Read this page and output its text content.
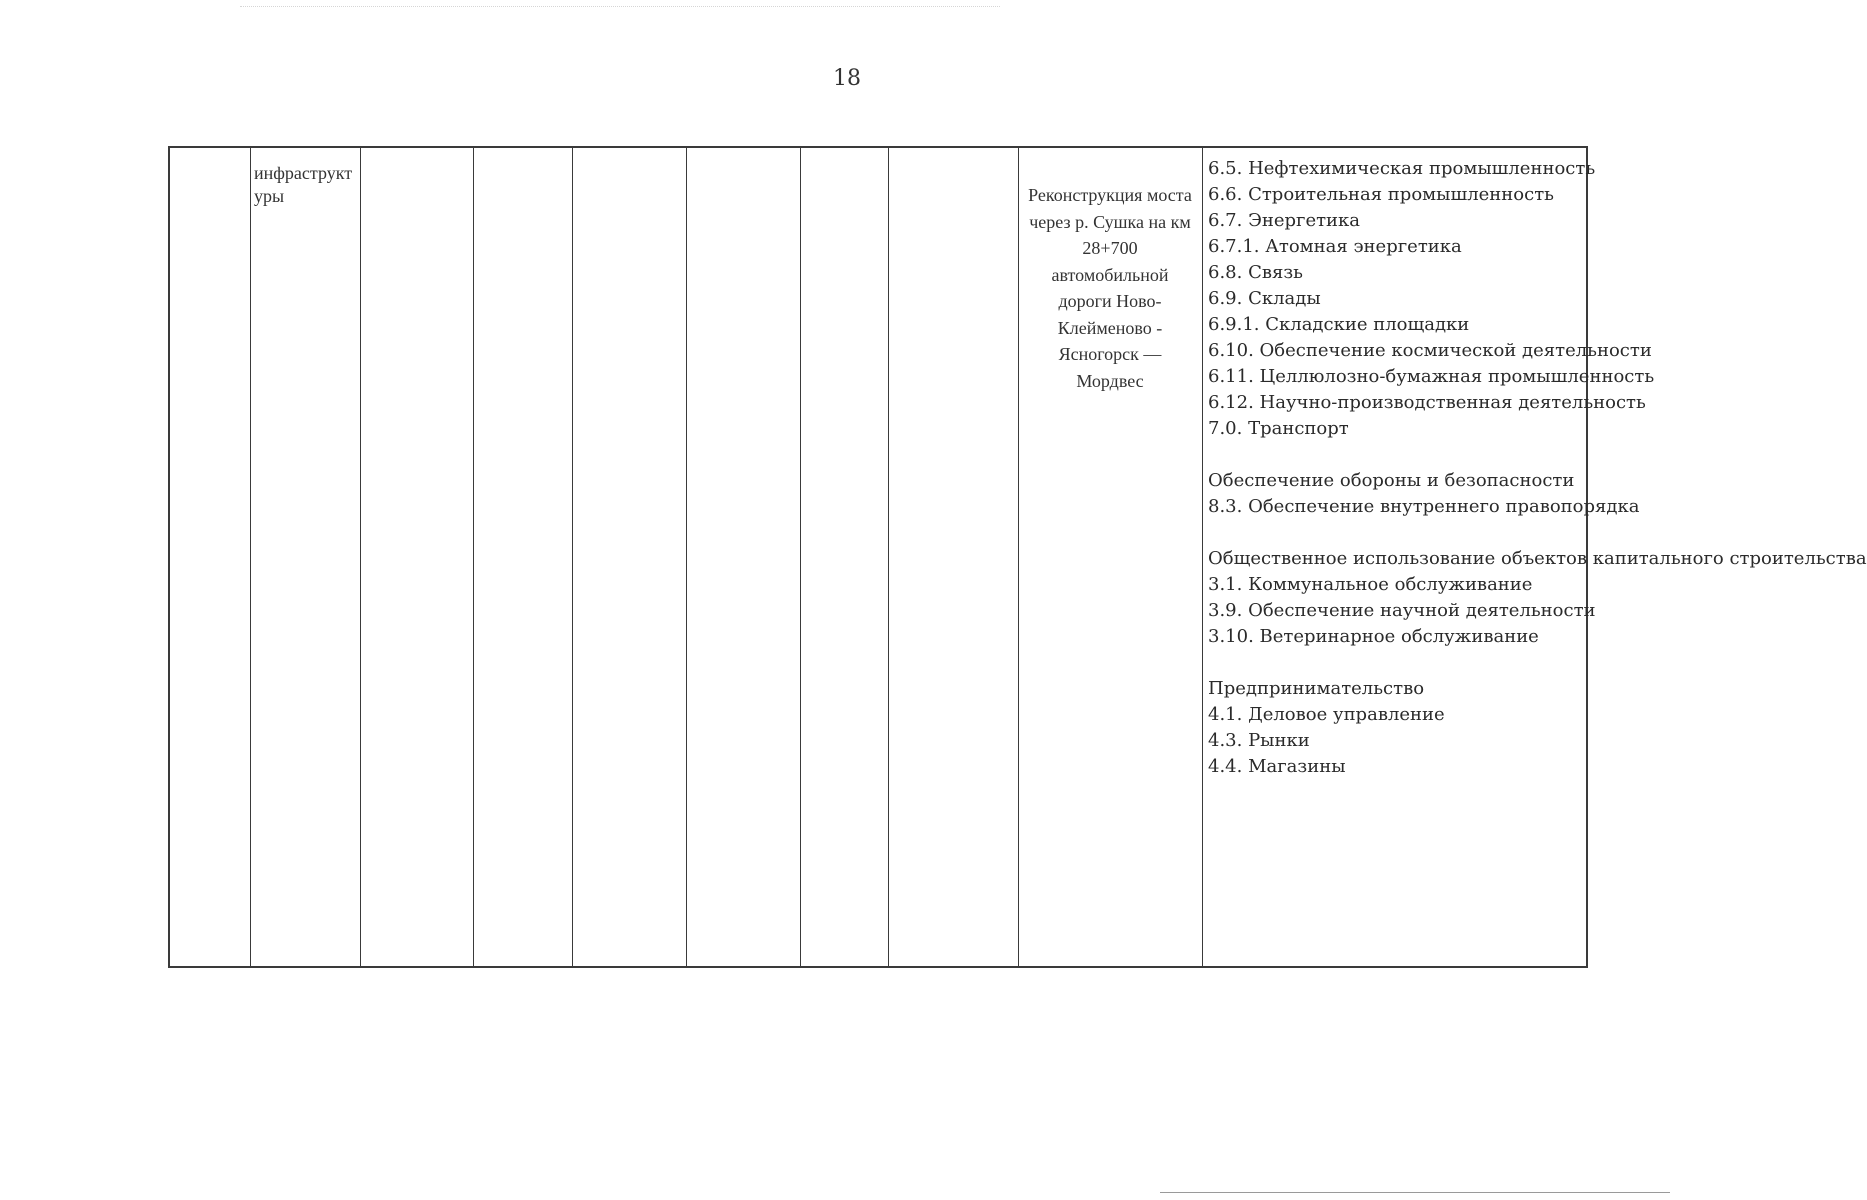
18
инфраструктуры	Реконструкция моста через р. Сушка на км 28+700 автомобильной дороги Ново-Клейменово - Ясногорск — Мордвес
6.5. Нефтехимическая промышленность
6.6. Строительная промышленность
6.7. Энергетика
6.7.1. Атомная энергетика
6.8. Связь
6.9. Склады
6.9.1. Складские площадки
6.10. Обеспечение космической деятельности
6.11. Целлюлозно-бумажная промышленность
6.12. Научно-производственная деятельность
7.0. Транспорт
Обеспечение обороны и безопасности
8.3. Обеспечение внутреннего правопорядка
Общественное использование объектов капитального строительства
3.1. Коммунальное обслуживание
3.9. Обеспечение научной деятельности
3.10. Ветеринарное обслуживание
Предпринимательство
4.1. Деловое управление
4.3. Рынки
4.4. Магазины
